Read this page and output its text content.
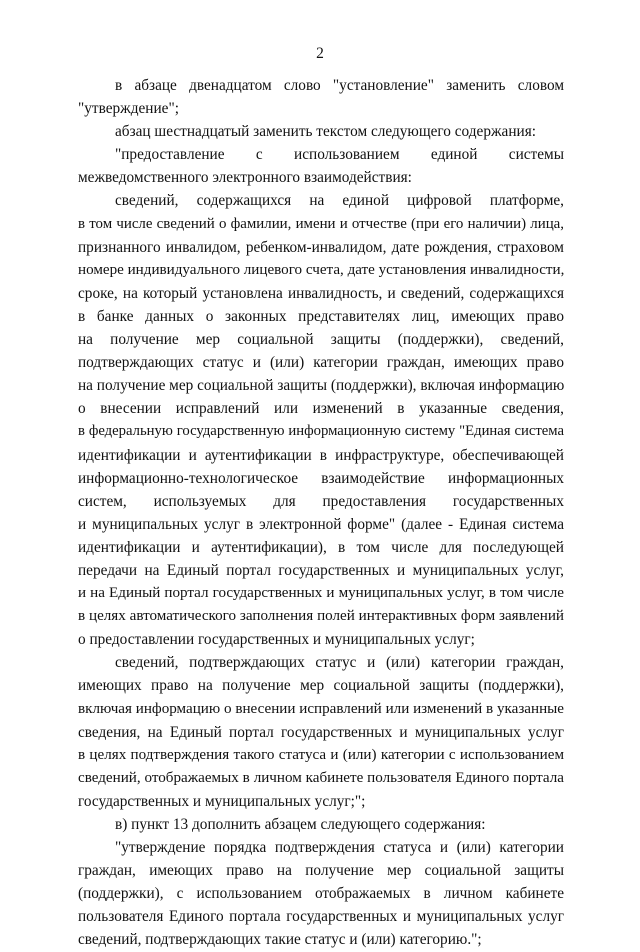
2
в абзаце двенадцатом слово "установление" заменить словом
"утверждение";
абзац шестнадцатый заменить текстом следующего содержания:
"предоставление с использованием единой системы
межведомственного электронного взаимодействия:
сведений, содержащихся на единой цифровой платформе,
в том числе сведений о фамилии, имени и отчестве (при его наличии) лица,
признанного инвалидом, ребенком-инвалидом, дате рождения, страховом
номере индивидуального лицевого счета, дате установления инвалидности,
сроке, на который установлена инвалидность, и сведений, содержащихся
в банке данных о законных представителях лиц, имеющих право
на получение мер социальной защиты (поддержки), сведений,
подтверждающих статус и (или) категории граждан, имеющих право
на получение мер социальной защиты (поддержки), включая информацию
о внесении исправлений или изменений в указанные сведения,
в федеральную государственную информационную систему "Единая система
идентификации и аутентификации в инфраструктуре, обеспечивающей
информационно-технологическое взаимодействие информационных
систем, используемых для предоставления государственных
и муниципальных услуг в электронной форме" (далее - Единая система
идентификации и аутентификации), в том числе для последующей
передачи на Единый портал государственных и муниципальных услуг,
и на Единый портал государственных и муниципальных услуг, в том числе
в целях автоматического заполнения полей интерактивных форм заявлений
о предоставлении государственных и муниципальных услуг;
сведений, подтверждающих статус и (или) категории граждан,
имеющих право на получение мер социальной защиты (поддержки),
включая информацию о внесении исправлений или изменений в указанные
сведения, на Единый портал государственных и муниципальных услуг
в целях подтверждения такого статуса и (или) категории с использованием
сведений, отображаемых в личном кабинете пользователя Единого портала
государственных и муниципальных услуг;";
в) пункт 13 дополнить абзацем следующего содержания:
"утверждение порядка подтверждения статуса и (или) категории
граждан, имеющих право на получение мер социальной защиты
(поддержки), с использованием отображаемых в личном кабинете
пользователя Единого портала государственных и муниципальных услуг
сведений, подтверждающих такие статус и (или) категорию.";
